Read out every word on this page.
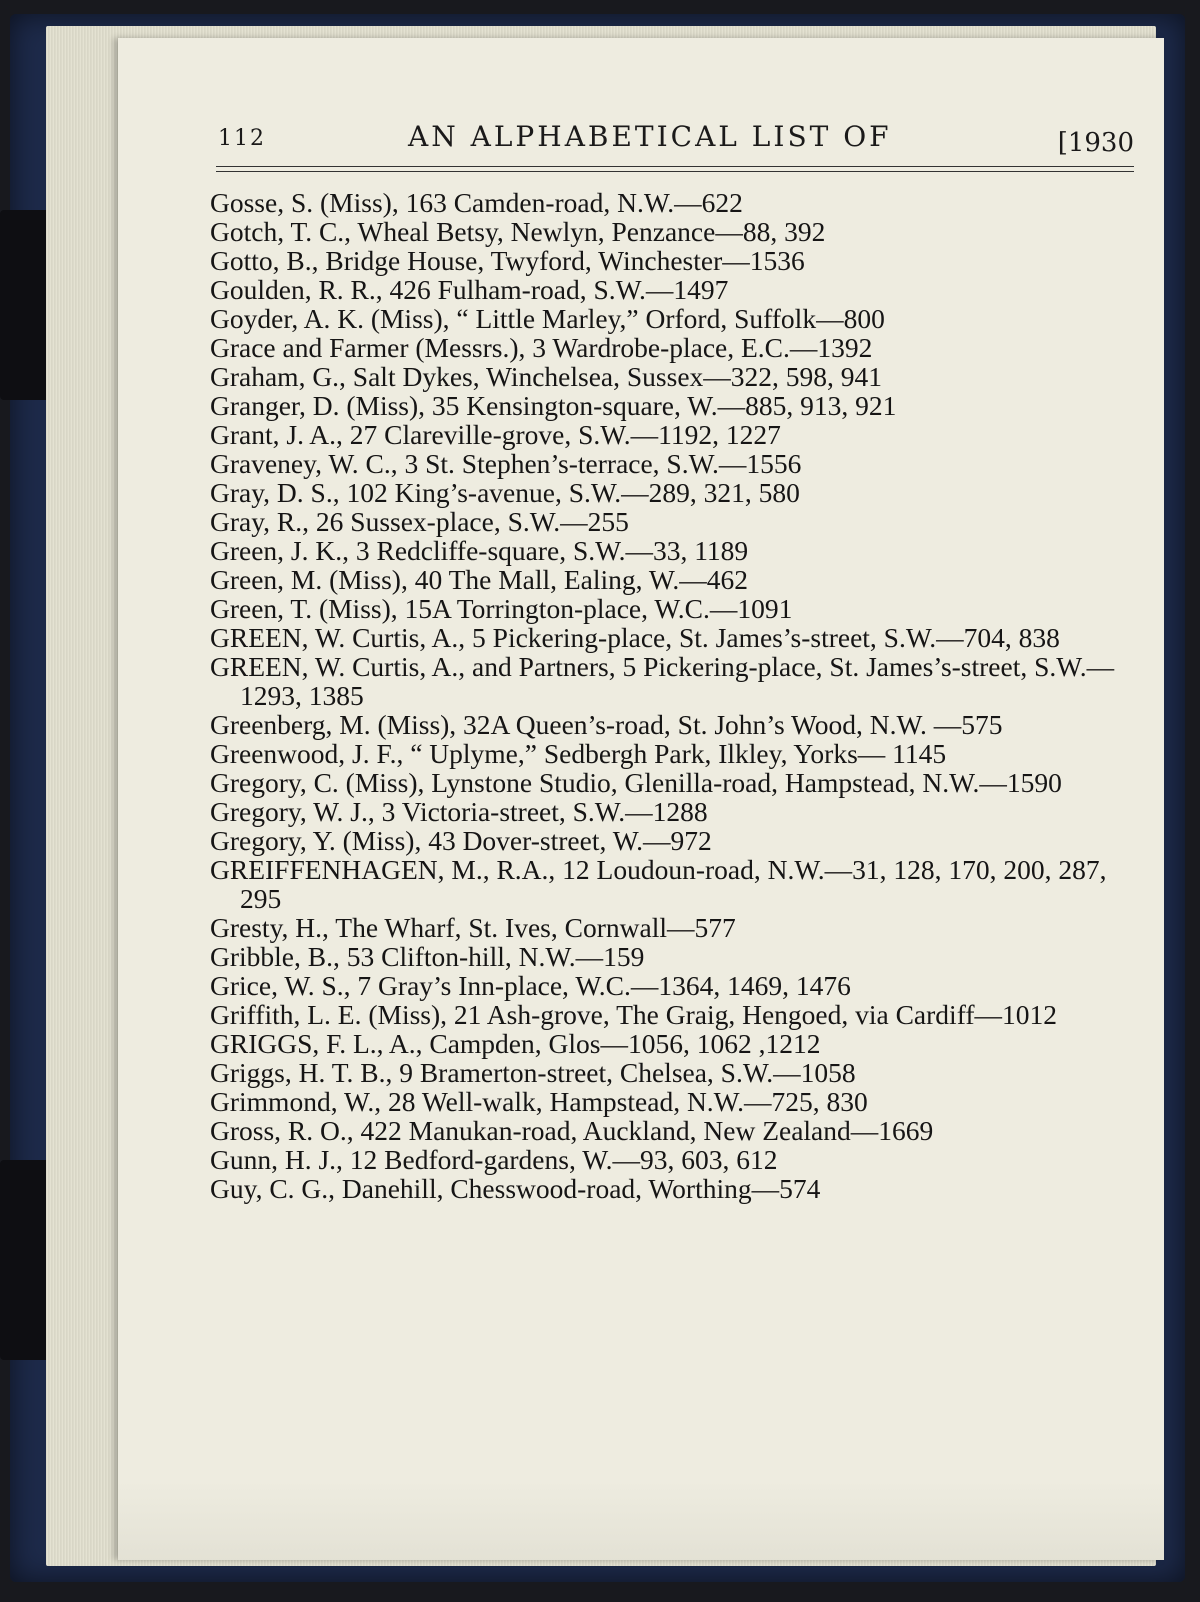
112	AN ALPHABETICAL LIST OF	[1930

Gosse, S. (Miss), 163 Camden-road, N.W.—622

Gotch, T. C., Wheal Betsy, Newlyn, Penzance—88, 392

Gotto, B., Bridge House, Twyford, Winchester—1536

Goulden, R. R., 426 Fulham-road, S.W.—1497

Goyder, A. K. (Miss), “ Little Marley,” Orford, Suffolk—800

Grace and Farmer (Messrs.), 3 Wardrobe-place, E.C.—1392

Graham, G., Salt Dykes, Winchelsea, Sussex—322, 598, 941

Granger, D. (Miss), 35 Kensington-square, W.—885, 913, 921

Grant, J. A., 27 Clareville-grove, S.W.—1192, 1227

Graveney, W. C., 3 St. Stephen’s-terrace, S.W.—1556

Gray, D. S., 102 King’s-avenue, S.W.—289, 321, 580

Gray, R., 26 Sussex-place, S.W.—255

Green, J. K., 3 Redcliffe-square, S.W.—33, 1189

Green, M. (Miss), 40 The Mall, Ealing, W.—462

Green, T. (Miss), 15A Torrington-place, W.C.—1091

GREEN, W. Curtis, A., 5 Pickering-place, St. James’s-street, S.W.—704, 838

GREEN, W. Curtis, A., and Partners, 5 Pickering-place, St. James’s-street, S.W.—1293, 1385

Greenberg, M. (Miss), 32A Queen’s-road, St. John’s Wood, N.W. —575

Greenwood, J. F., “ Uplyme,” Sedbergh Park, Ilkley, Yorks— 1145

Gregory, C. (Miss), Lynstone Studio, Glenilla-road, Hampstead, N.W.—1590

Gregory, W. J., 3 Victoria-street, S.W.—1288

Gregory, Y. (Miss), 43 Dover-street, W.—972

GREIFFENHAGEN, M., R.A., 12 Loudoun-road, N.W.—31, 128, 170, 200, 287, 295

Gresty, H., The Wharf, St. Ives, Cornwall—577

Gribble, B., 53 Clifton-hill, N.W.—159

Grice, W. S., 7 Gray’s Inn-place, W.C.—1364, 1469, 1476

Griffith, L. E. (Miss), 21 Ash-grove, The Graig, Hengoed, via Cardiff—1012

GRIGGS, F. L., A., Campden, Glos—1056, 1062 ,1212

Griggs, H. T. B., 9 Bramerton-street, Chelsea, S.W.—1058

Grimmond, W., 28 Well-walk, Hampstead, N.W.—725, 830

Gross, R. O., 422 Manukan-road, Auckland, New Zealand—1669

Gunn, H. J., 12 Bedford-gardens, W.—93, 603, 612

Guy, C. G., Danehill, Chesswood-road, Worthing—574
